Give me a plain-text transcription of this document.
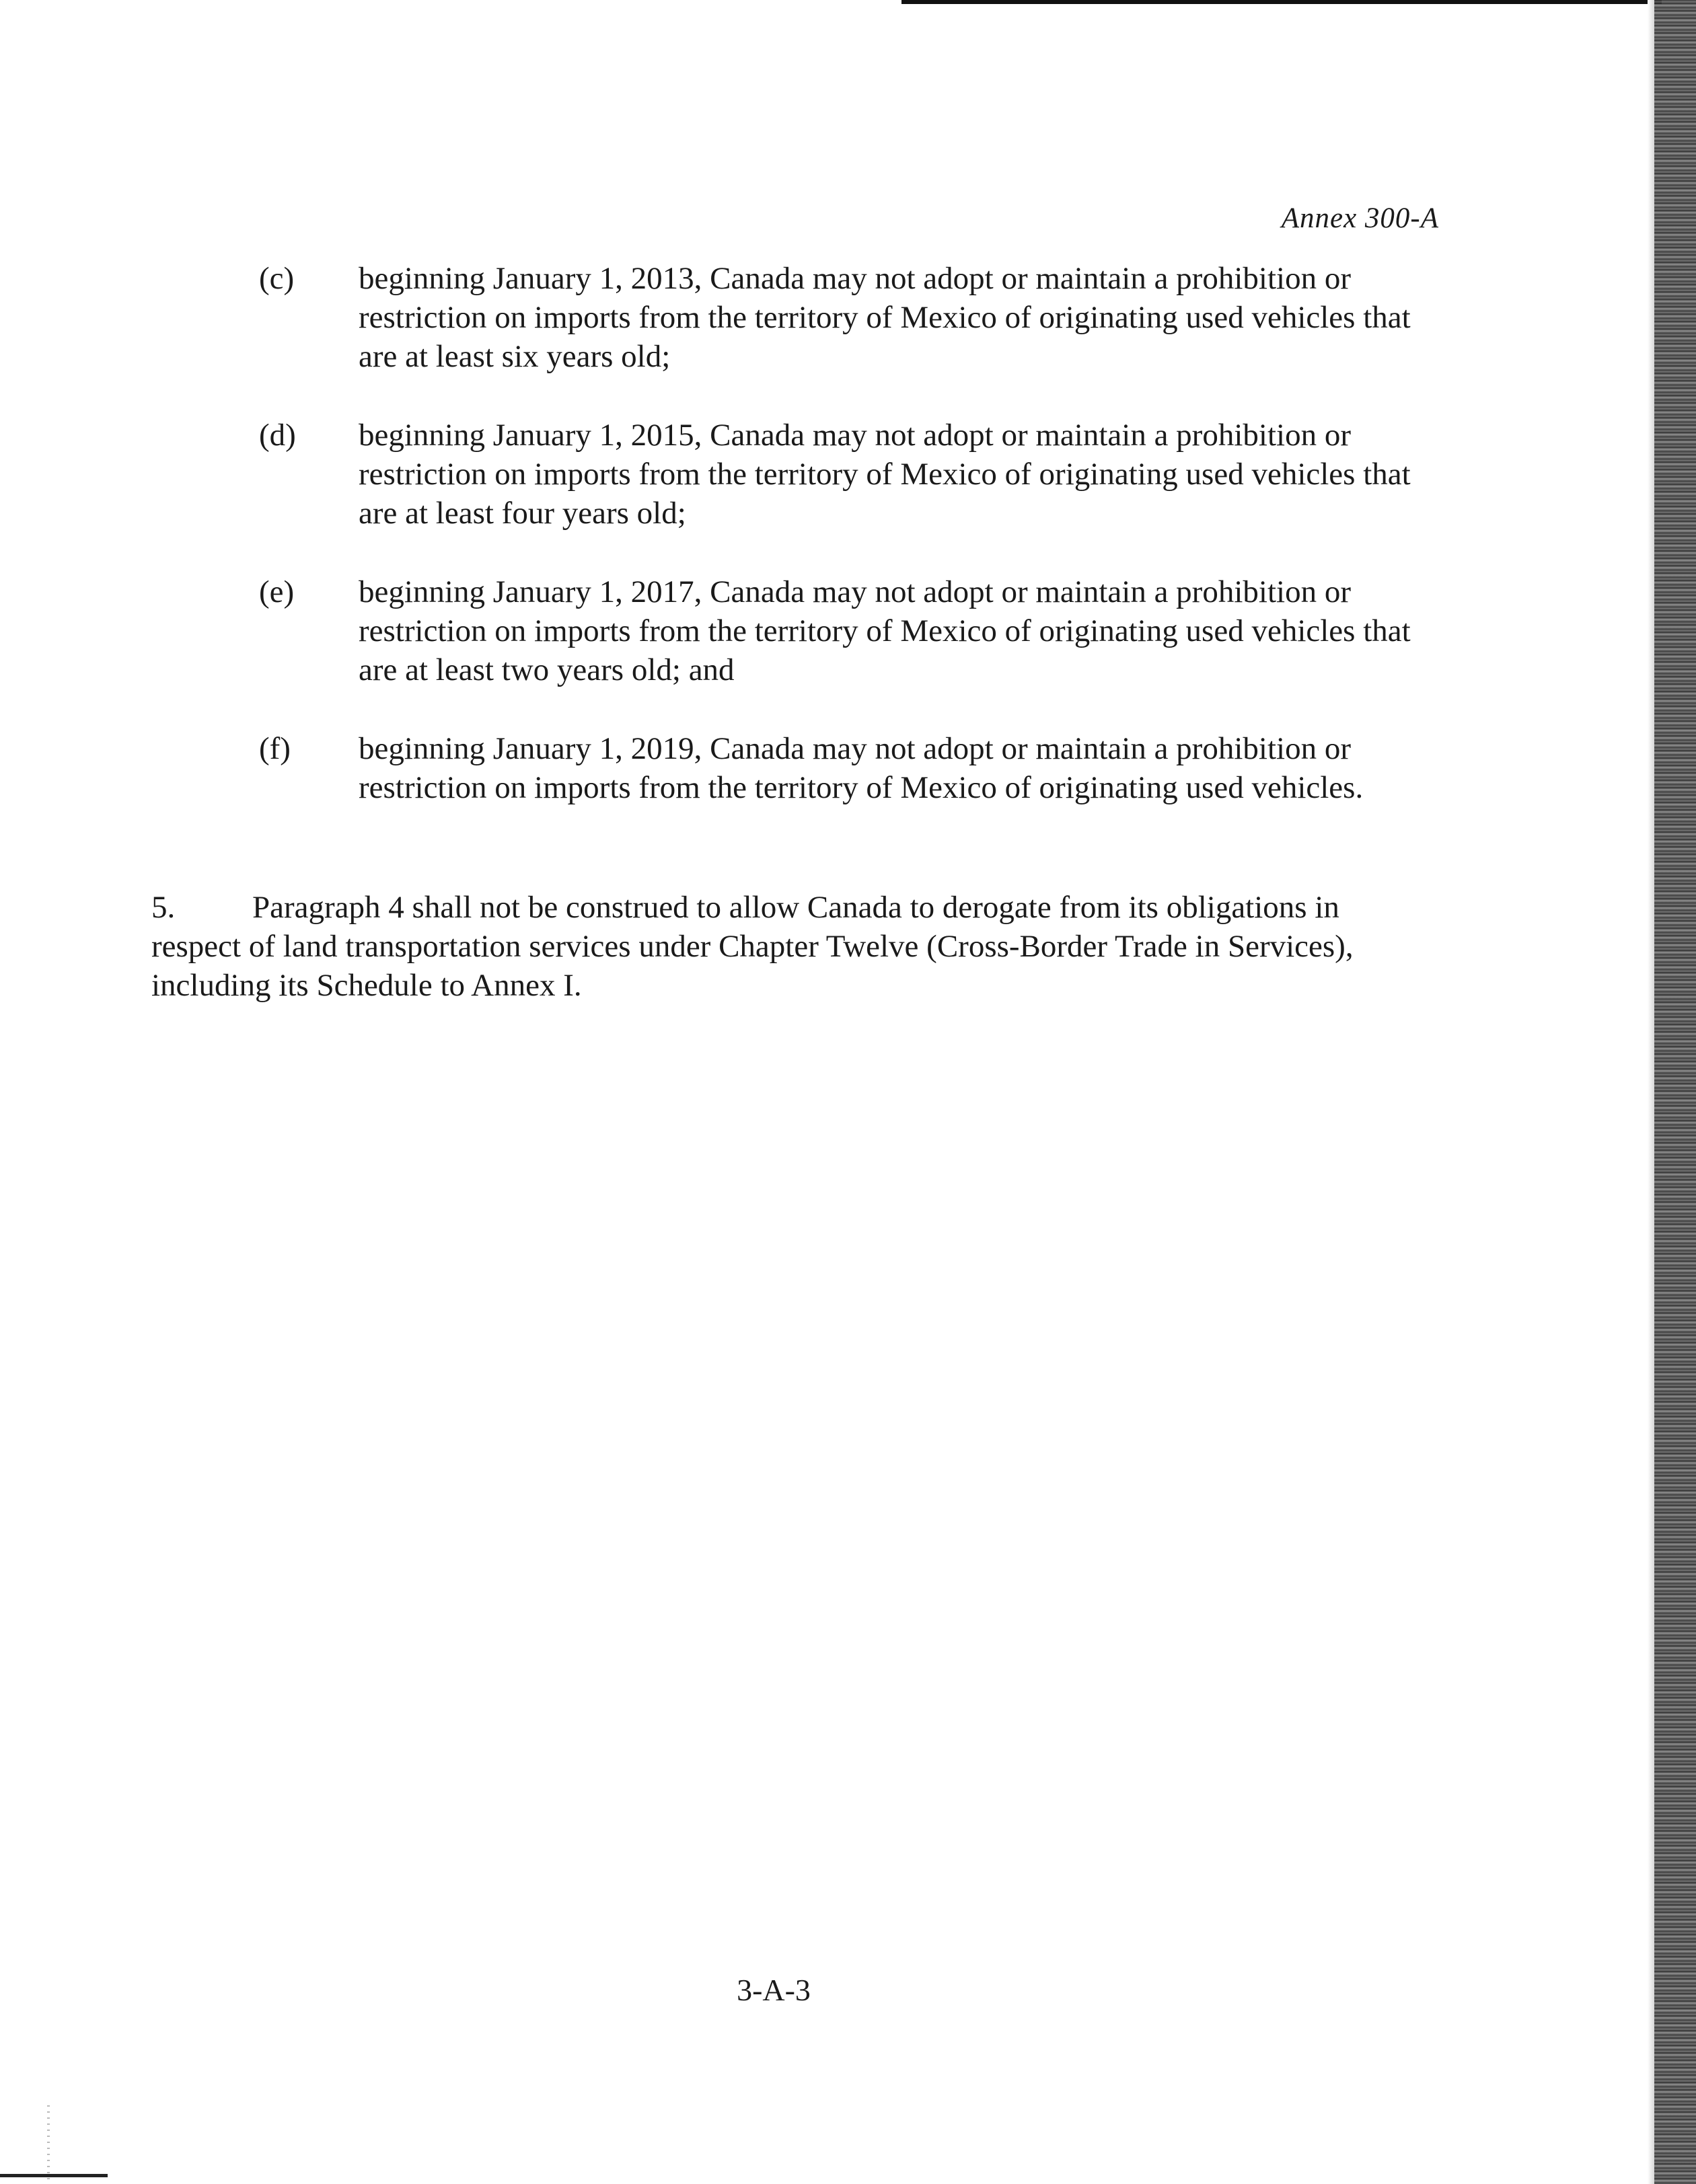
Annex 300-A
(c)	beginning January 1, 2013, Canada may not adopt or maintain a prohibition or restriction on imports from the territory of Mexico of originating used vehicles that are at least six years old;
(d)	beginning January 1, 2015, Canada may not adopt or maintain a prohibition or restriction on imports from the territory of Mexico of originating used vehicles that are at least four years old;
(e)	beginning January 1, 2017, Canada may not adopt or maintain a prohibition or restriction on imports from the territory of Mexico of originating used vehicles that are at least two years old; and
(f)	beginning January 1, 2019, Canada may not adopt or maintain a prohibition or restriction on imports from the territory of Mexico of originating used vehicles.
5. Paragraph 4 shall not be construed to allow Canada to derogate from its obligations in respect of land transportation services under Chapter Twelve (Cross-Border Trade in Services), including its Schedule to Annex I.
3-A-3
